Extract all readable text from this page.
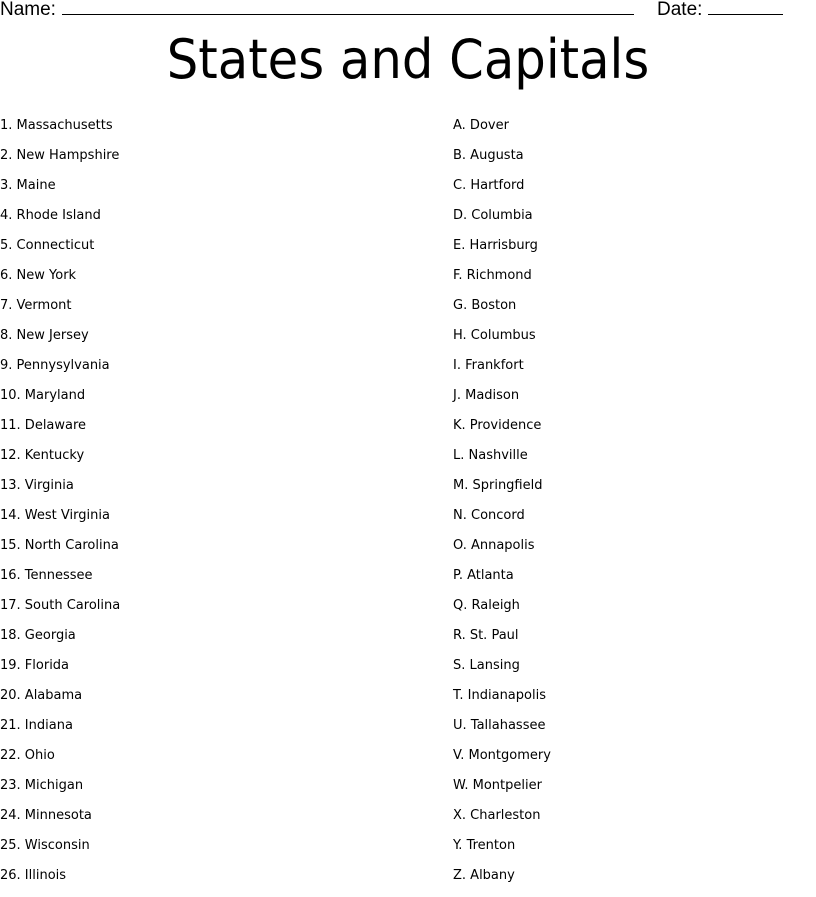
Name:	Date:
States and Capitals
1. Massachusetts
2. New Hampshire
3. Maine
4. Rhode Island
5. Connecticut
6. New York
7. Vermont
8. New Jersey
9. Pennysylvania
10. Maryland
11. Delaware
12. Kentucky
13. Virginia
14. West Virginia
15. North Carolina
16. Tennessee
17. South Carolina
18. Georgia
19. Florida
20. Alabama
21. Indiana
22. Ohio
23. Michigan
24. Minnesota
25. Wisconsin
26. Illinois
A. Dover
B. Augusta
C. Hartford
D. Columbia
E. Harrisburg
F. Richmond
G. Boston
H. Columbus
I. Frankfort
J. Madison
K. Providence
L. Nashville
M. Springfield
N. Concord
O. Annapolis
P. Atlanta
Q. Raleigh
R. St. Paul
S. Lansing
T. Indianapolis
U. Tallahassee
V. Montgomery
W. Montpelier
X. Charleston
Y. Trenton
Z. Albany
